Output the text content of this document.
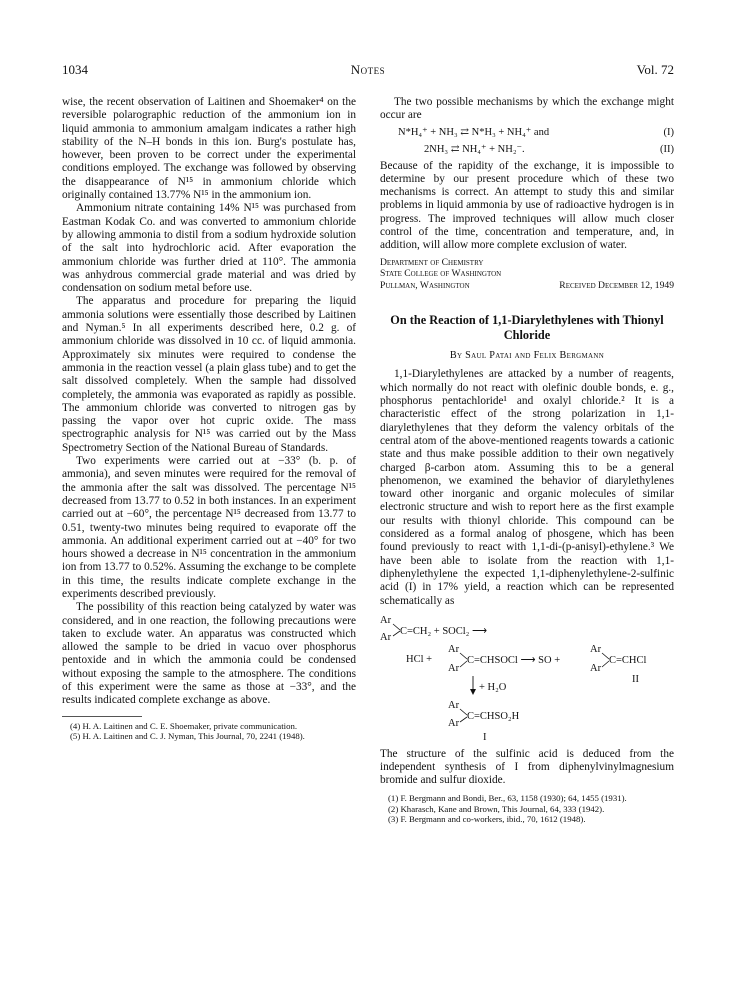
1034	Notes	Vol. 72

wise, the recent observation of Laitinen and Shoemaker⁴ on the reversible polarographic reduction of the ammonium ion in liquid ammonia to ammonium amalgam indicates a rather high stability of the N–H bonds in this ion. Burg's postulate has, however, been proven to be correct under the experimental conditions employed. The exchange was followed by observing the disappearance of N¹⁵ in ammonium chloride which originally contained 13.77% N¹⁵ in the ammonium ion.

Ammonium nitrate containing 14% N¹⁵ was purchased from Eastman Kodak Co. and was converted to ammonium chloride by allowing ammonia to distil from a sodium hydroxide solution of the salt into hydrochloric acid. After evaporation the ammonium chloride was further dried at 110°. The ammonia was anhydrous commercial grade material and was dried by condensation on sodium metal before use.

The apparatus and procedure for preparing the liquid ammonia solutions were essentially those described by Laitinen and Nyman.⁵ In all experiments described here, 0.2 g. of ammonium chloride was dissolved in 10 cc. of liquid ammonia. Approximately six minutes were required to condense the ammonia in the reaction vessel (a plain glass tube) and to get the salt dissolved completely. When the sample had dissolved completely, the ammonia was evaporated as rapidly as possible. The ammonium chloride was converted to nitrogen gas by passing the vapor over hot cupric oxide. The mass spectrographic analysis for N¹⁵ was carried out by the Mass Spectrometry Section of the National Bureau of Standards.

Two experiments were carried out at −33° (b. p. of ammonia), and seven minutes were required for the removal of the ammonia after the salt was dissolved. The percentage N¹⁵ decreased from 13.77 to 0.52 in both instances. In an experiment carried out at −60°, the percentage N¹⁵ decreased from 13.77 to 0.51, twenty-two minutes being required to evaporate off the ammonia. An additional experiment carried out at −40° for two hours showed a decrease in N¹⁵ concentration in the ammonium ion from 13.77 to 0.52%. Assuming the exchange to be complete in this time, the results indicate complete exchange in the experiments described previously.

The possibility of this reaction being catalyzed by water was considered, and in one reaction, the following precautions were taken to exclude water. An apparatus was constructed which allowed the sample to be dried in vacuo over phosphorus pentoxide and in which the ammonia could be condensed without exposing the sample to the atmosphere. The conditions of this experiment were the same as those at −33°, and the results indicated complete exchange as above.

(4) H. A. Laitinen and C. E. Shoemaker, private communication.
(5) H. A. Laitinen and C. J. Nyman, This Journal, 70, 2241 (1948).

The two possible mechanisms by which the exchange might occur are

N*H₄⁺ + NH₃ ⇄ N*H₃ + NH₄⁺ and	(I)
2NH₃ ⇄ NH₄⁺ + NH₂⁻.	(II)

Because of the rapidity of the exchange, it is impossible to determine by our present procedure which of these two mechanisms is correct. An attempt to study this and similar problems in liquid ammonia by use of radioactive hydrogen is in progress. The improved techniques will allow much closer control of the time, concentration and temperature, and, in addition, will allow more complete exclusion of water.

Department of Chemistry
State College of Washington
Pullman, Washington	Received December 12, 1949
On the Reaction of 1,1-Diarylethylenes with Thionyl Chloride
By Saul Patai and Felix Bergmann

1,1-Diarylethylenes are attacked by a number of reagents, which normally do not react with olefinic double bonds, e. g., phosphorus pentachloride¹ and oxalyl chloride.² It is a characteristic effect of the strong polarization in 1,1-diarylethylenes that they deform the valency orbitals of the central atom of the above-mentioned reagents towards a cationic state and thus make possible addition to their own negatively charged β-carbon atom. Assuming this to be a general phenomenon, we examined the behavior of diarylethylenes toward other inorganic and organic molecules of similar electronic structure and wish to report here as the first example our results with thionyl chloride. This compound can be considered as a formal analog of phosgene, which has been found previously to react with 1,1-di-(p-anisyl)-ethylene.³ We have been able to isolate from the reaction with 1,1-diphenylethylene the expected 1,1-diphenylethylene-2-sulfinic acid (I) in 17% yield, a reaction which can be represented schematically as

Ar
Ar
C=CH₂ + SOCl₂ ⟶
HCl +
Ar
Ar
C=CHSOCl ⟶ SO +
Ar
Ar
C=CHCl
II
+ H₂O
Ar
Ar
C=CHSO₂H
I

The structure of the sulfinic acid is deduced from the independent synthesis of I from diphenylvinylmagnesium bromide and sulfur dioxide.

(1) F. Bergmann and Bondi, Ber., 63, 1158 (1930); 64, 1455 (1931).
(2) Kharasch, Kane and Brown, This Journal, 64, 333 (1942).
(3) F. Bergmann and co-workers, ibid., 70, 1612 (1948).
